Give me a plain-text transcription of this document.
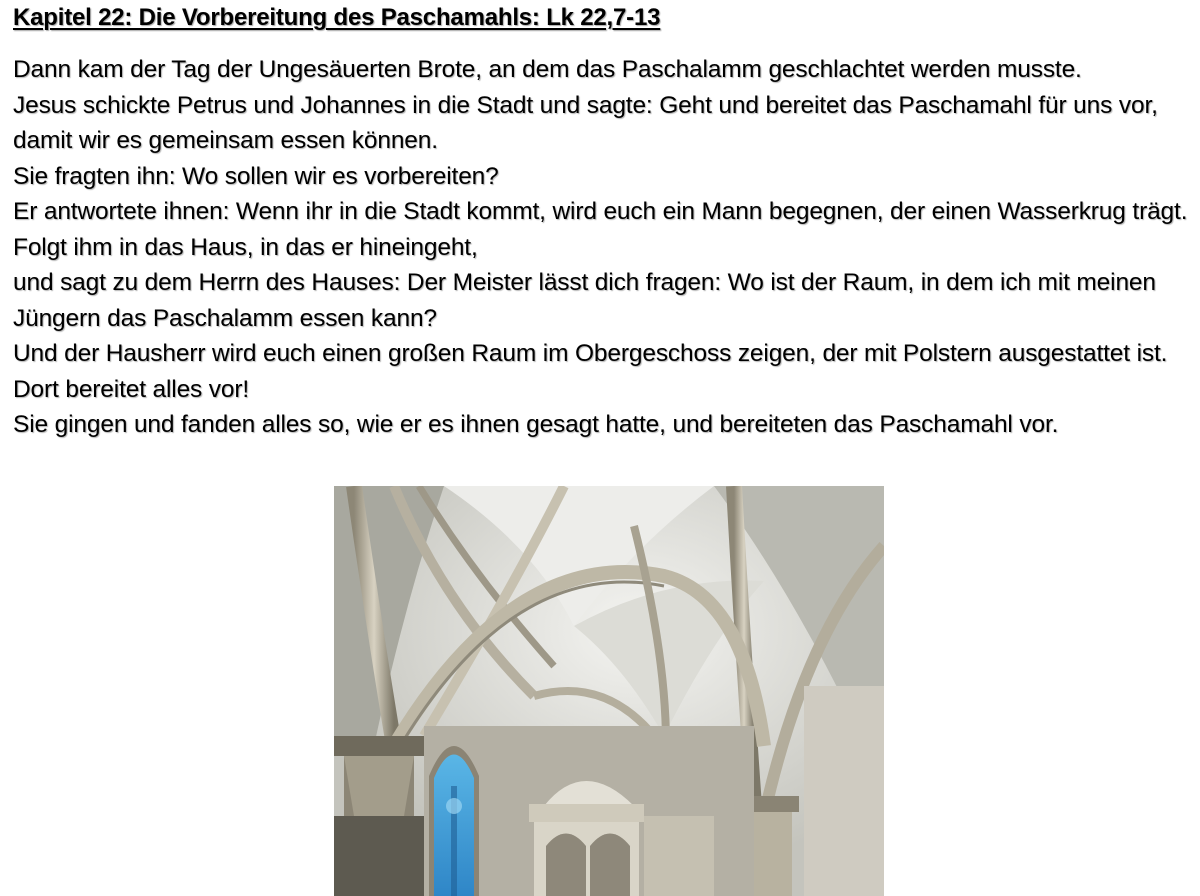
Kapitel 22: Die Vorbereitung des Paschamahls: Lk 22,7-13

Dann kam der Tag der Ungesäuerten Brote, an dem das Paschalamm geschlachtet werden musste.

Jesus schickte Petrus und Johannes in die Stadt und sagte: Geht und bereitet das Paschamahl für uns vor, damit wir es gemeinsam essen können.

Sie fragten ihn: Wo sollen wir es vorbereiten?

Er antwortete ihnen: Wenn ihr in die Stadt kommt, wird euch ein Mann begegnen, der einen Wasserkrug trägt. Folgt ihm in das Haus, in das er hineingeht,

und sagt zu dem Herrn des Hauses: Der Meister lässt dich fragen: Wo ist der Raum, in dem ich mit meinen Jüngern das Paschalamm essen kann?

Und der Hausherr wird euch einen großen Raum im Obergeschoss zeigen, der mit Polstern ausgestattet ist. Dort bereitet alles vor!

Sie gingen und fanden alles so, wie er es ihnen gesagt hatte, und bereiteten das Paschamahl vor.
